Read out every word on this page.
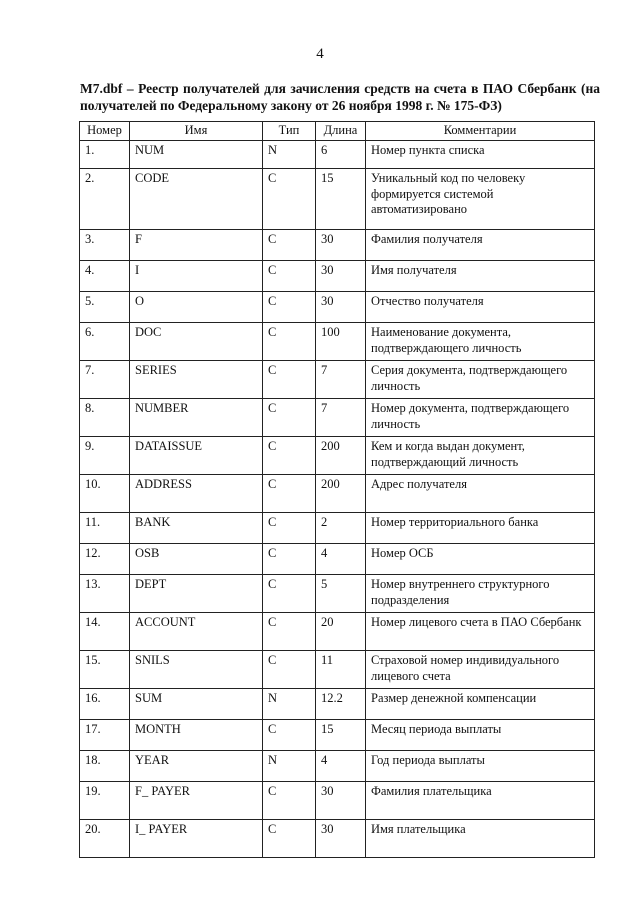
4
M7.dbf – Реестр получателей для зачисления средств на счета в ПАО Сбербанк (на получателей по Федеральному закону от 26 ноября 1998 г. № 175-ФЗ)
Номер	Имя	Тип	Длина	Комментарии
1.	NUM	N	6	Номер пункта списка
2.	CODE	C	15	Уникальный код по человеку формируется системой автоматизировано
3.	F	C	30	Фамилия получателя
4.	I	C	30	Имя получателя
5.	O	C	30	Отчество получателя
6.	DOC	C	100	Наименование документа, подтверждающего личность
7.	SERIES	C	7	Серия документа, подтверждающего личность
8.	NUMBER	C	7	Номер документа, подтверждающего личность
9.	DATAISSUE	C	200	Кем и когда выдан документ, подтверждающий личность
10.	ADDRESS	C	200	Адрес получателя
11.	BANK	C	2	Номер территориального банка
12.	OSB	C	4	Номер ОСБ
13.	DEPT	C	5	Номер внутреннего структурного подразделения
14.	ACCOUNT	C	20	Номер лицевого счета в ПАО Сбербанк
15.	SNILS	C	11	Страховой номер индивидуального лицевого счета
16.	SUM	N	12.2	Размер денежной компенсации
17.	MONTH	C	15	Месяц периода выплаты
18.	YEAR	N	4	Год периода выплаты
19.	F_ PAYER	C	30	Фамилия плательщика
20.	I_ PAYER	C	30	Имя плательщика
